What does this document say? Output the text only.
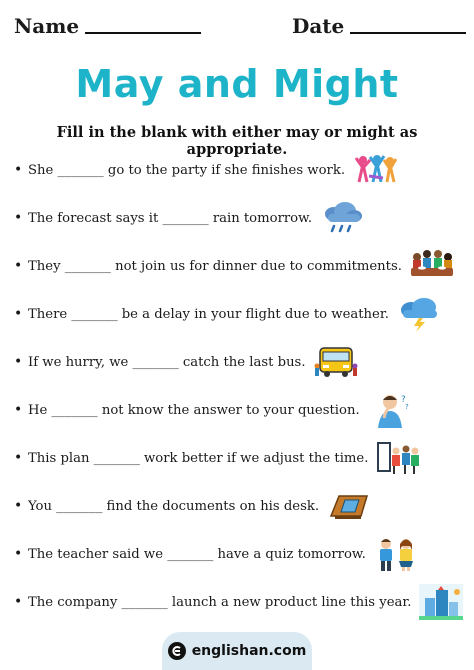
Name	Date
May and Might
Fill in the blank with either may or might as appropriate.
• She _______ go to the party if she finishes work.
• The forecast says it _______ rain tomorrow.
• They _______ not join us for dinner due to commitments.
• There _______ be a delay in your flight due to weather.
• If we hurry, we _______ catch the last bus.
• He _______ not know the answer to your question.
?
?
• This plan _______ work better if we adjust the time.
• You _______ find the documents on his desk.
• The teacher said we _______ have a quiz tomorrow.
• The company _______ launch a new product line this year.
englishan.com
